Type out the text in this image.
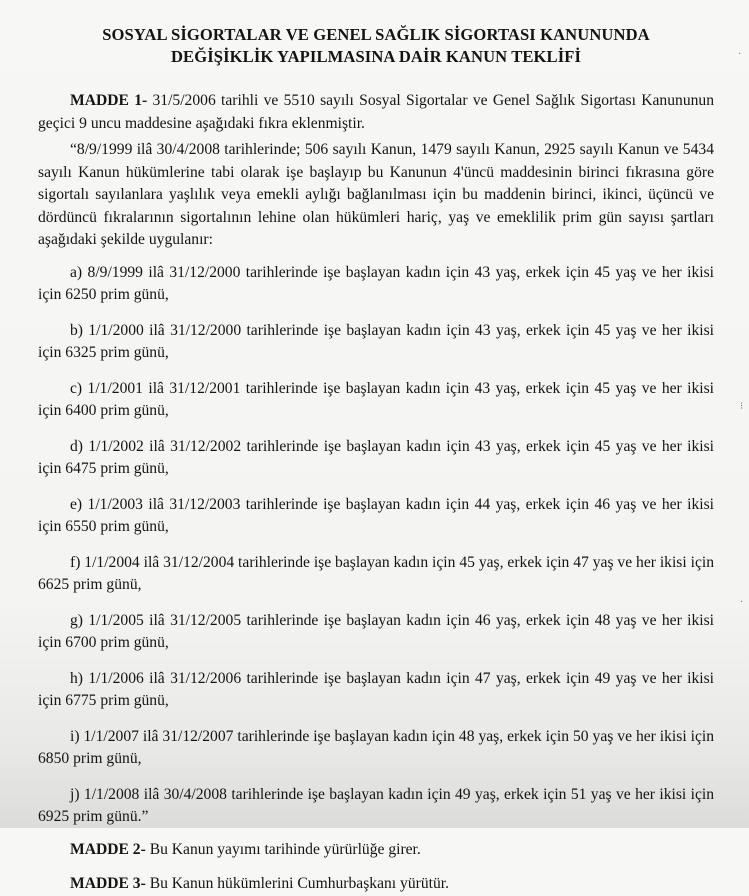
SOSYAL SİGORTALAR VE GENEL SAĞLIK SİGORTASI KANUNUNDA
DEĞİŞİKLİK YAPILMASINA DAİR KANUN TEKLİFİ

MADDE 1- 31/5/2006 tarihli ve 5510 sayılı Sosyal Sigortalar ve Genel Sağlık Sigortası Kanununun geçici 9 uncu maddesine aşağıdaki fıkra eklenmiştir.

“8/9/1999 ilâ 30/4/2008 tarihlerinde; 506 sayılı Kanun, 1479 sayılı Kanun, 2925 sayılı Kanun ve 5434 sayılı Kanun hükümlerine tabi olarak işe başlayıp bu Kanunun 4'üncü maddesinin birinci fıkrasına göre sigortalı sayılanlara yaşlılık veya emekli aylığı bağlanılması için bu maddenin birinci, ikinci, üçüncü ve dördüncü fıkralarının sigortalının lehine olan hükümleri hariç, yaş ve emeklilik prim gün sayısı şartları aşağıdaki şekilde uygulanır:

a) 8/9/1999 ilâ 31/12/2000 tarihlerinde işe başlayan kadın için 43 yaş, erkek için 45 yaş ve her ikisi için 6250 prim günü,

b) 1/1/2000 ilâ 31/12/2000 tarihlerinde işe başlayan kadın için 43 yaş, erkek için 45 yaş ve her ikisi için 6325 prim günü,

c) 1/1/2001 ilâ 31/12/2001 tarihlerinde işe başlayan kadın için 43 yaş, erkek için 45 yaş ve her ikisi için 6400 prim günü,

d) 1/1/2002 ilâ 31/12/2002 tarihlerinde işe başlayan kadın için 43 yaş, erkek için 45 yaş ve her ikisi için 6475 prim günü,

e) 1/1/2003 ilâ 31/12/2003 tarihlerinde işe başlayan kadın için 44 yaş, erkek için 46 yaş ve her ikisi için 6550 prim günü,

f) 1/1/2004 ilâ 31/12/2004 tarihlerinde işe başlayan kadın için 45 yaş, erkek için 47 yaş ve her ikisi için 6625 prim günü,

g) 1/1/2005 ilâ 31/12/2005 tarihlerinde işe başlayan kadın için 46 yaş, erkek için 48 yaş ve her ikisi için 6700 prim günü,

h) 1/1/2006 ilâ 31/12/2006 tarihlerinde işe başlayan kadın için 47 yaş, erkek için 49 yaş ve her ikisi için 6775 prim günü,

i) 1/1/2007 ilâ 31/12/2007 tarihlerinde işe başlayan kadın için 48 yaş, erkek için 50 yaş ve her ikisi için 6850 prim günü,

j) 1/1/2008 ilâ 30/4/2008 tarihlerinde işe başlayan kadın için 49 yaş, erkek için 51 yaş ve her ikisi için 6925 prim günü.”

MADDE 2- Bu Kanun yayımı tarihinde yürürlüğe girer.

MADDE 3- Bu Kanun hükümlerini Cumhurbaşkanı yürütür.

·
⁝
·
